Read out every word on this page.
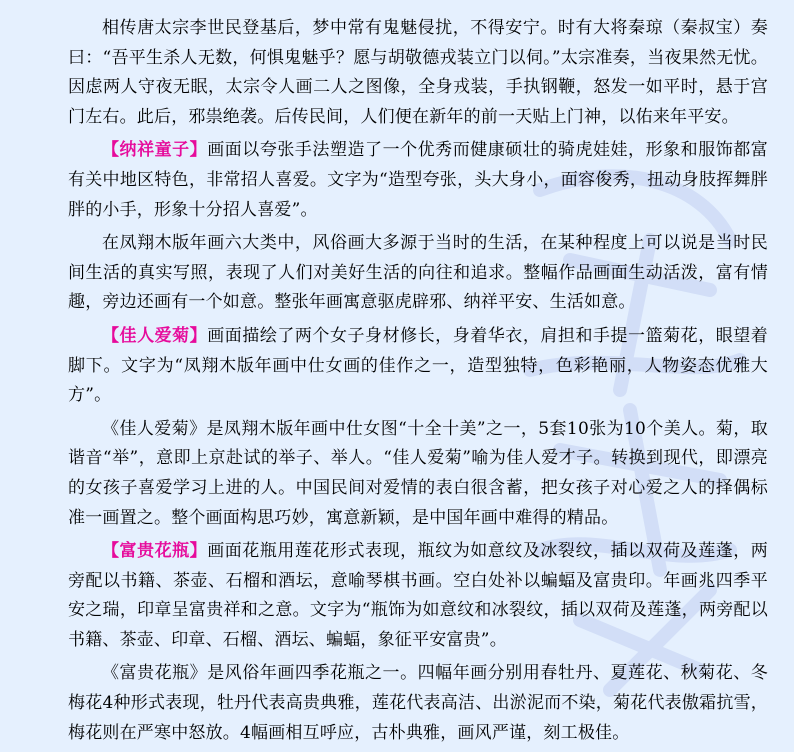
相传唐太宗李世民登基后，梦中常有鬼魅侵扰，不得安宁。时有大将秦琼（秦叔宝）奏曰：“吾平生杀人无数，何惧鬼魅乎？愿与胡敬德戎装立门以伺。”太宗准奏，当夜果然无忧。因虑两人守夜无眠，太宗令人画二人之图像，全身戎装，手执钢鞭，怒发一如平时，悬于宫门左右。此后，邪祟绝袭。后传民间，人们便在新年的前一天贴上门神，以佑来年平安。

【纳祥童子】画面以夸张手法塑造了一个优秀而健康硕壮的骑虎娃娃，形象和服饰都富有关中地区特色，非常招人喜爱。文字为“造型夸张，头大身小，面容俊秀，扭动身肢挥舞胖胖的小手，形象十分招人喜爱”。

在凤翔木版年画六大类中，风俗画大多源于当时的生活，在某种程度上可以说是当时民间生活的真实写照，表现了人们对美好生活的向往和追求。整幅作品画面生动活泼，富有情趣，旁边还画有一个如意。整张年画寓意驱虎辟邪、纳祥平安、生活如意。

【佳人爱菊】画面描绘了两个女子身材修长，身着华衣，肩担和手提一篮菊花，眼望着脚下。文字为“凤翔木版年画中仕女画的佳作之一，造型独特，色彩艳丽，人物姿态优雅大方”。

《佳人爱菊》是凤翔木版年画中仕女图“十全十美”之一，5套10张为10个美人。菊，取谐音“举”，意即上京赴试的举子、举人。“佳人爱菊”喻为佳人爱才子。转换到现代，即漂亮的女孩子喜爱学习上进的人。中国民间对爱情的表白很含蓄，把女孩子对心爱之人的择偶标准一画置之。整个画面构思巧妙，寓意新颖，是中国年画中难得的精品。

【富贵花瓶】画面花瓶用莲花形式表现，瓶纹为如意纹及冰裂纹，插以双荷及莲蓬，两旁配以书籍、茶壶、石榴和酒坛，意喻琴棋书画。空白处补以蝙蝠及富贵印。年画兆四季平安之瑞，印章呈富贵祥和之意。文字为“瓶饰为如意纹和冰裂纹，插以双荷及莲蓬，两旁配以书籍、茶壶、印章、石榴、酒坛、蝙蝠，象征平安富贵”。

《富贵花瓶》是风俗年画四季花瓶之一。四幅年画分别用春牡丹、夏莲花、秋菊花、冬梅花4种形式表现，牡丹代表高贵典雅，莲花代表高洁、出淤泥而不染，菊花代表傲霜抗雪，梅花则在严寒中怒放。4幅画相互呼应，古朴典雅，画风严谨，刻工极佳。
